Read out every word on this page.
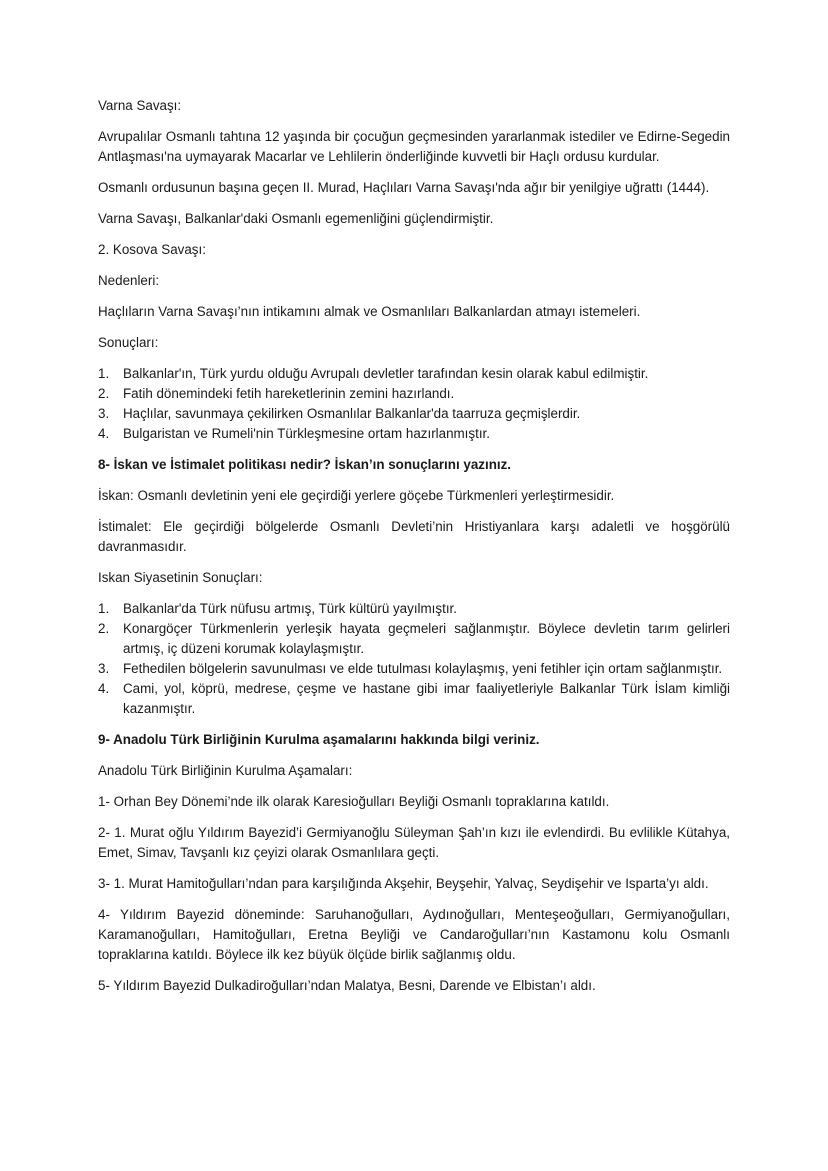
Varna Savaşı:

Avrupalılar Osmanlı tahtına 12 yaşında bir çocuğun geçmesinden yararlanmak istediler ve Edirne-Segedin Antlaşması'na uymayarak Macarlar ve Lehlilerin önderliğinde kuvvetli bir Haçlı ordusu kurdular.

Osmanlı ordusunun başına geçen II. Murad, Haçlıları Varna Savaşı'nda ağır bir yenilgiye uğrattı (1444).

Varna Savaşı, Balkanlar'daki Osmanlı egemenliğini güçlendirmiştir.

2. Kosova Savaşı:

Nedenleri:

Haçlıların Varna Savaşı’nın intikamını almak ve Osmanlıları Balkanlardan atmayı istemeleri.

Sonuçları:

1.	Balkanlar'ın, Türk yurdu olduğu Avrupalı devletler tarafından kesin olarak kabul edilmiştir.
2.	Fatih dönemindeki fetih hareketlerinin zemini hazırlandı.
3.	Haçlılar, savunmaya çekilirken Osmanlılar Balkanlar'da taarruza geçmişlerdir.
4.	Bulgaristan ve Rumeli'nin Türkleşmesine ortam hazırlanmıştır.

8- İskan ve İstimalet politikası nedir? İskan’ın sonuçlarını yazınız.

İskan: Osmanlı devletinin yeni ele geçirdiği yerlere göçebe Türkmenleri yerleştirmesidir.

İstimalet: Ele geçirdiği bölgelerde Osmanlı Devleti’nin Hristiyanlara karşı adaletli ve hoşgörülü davranmasıdır.

Iskan Siyasetinin Sonuçları:

1.	Balkanlar'da Türk nüfusu artmış, Türk kültürü yayılmıştır.
2.	Konargöçer Türkmenlerin yerleşik hayata geçmeleri sağlanmıştır. Böylece devletin tarım gelirleri artmış, iç düzeni korumak kolaylaşmıştır.
3.	Fethedilen bölgelerin savunulması ve elde tutulması kolaylaşmış, yeni fetihler için ortam sağlanmıştır.
4.	Cami, yol, köprü, medrese, çeşme ve hastane gibi imar faaliyetleriyle Balkanlar Türk İslam kimliği kazanmıştır.

9- Anadolu Türk Birliğinin Kurulma aşamalarını hakkında bilgi veriniz.

Anadolu Türk Birliğinin Kurulma Aşamaları:

1- Orhan Bey Dönemi’nde ilk olarak Karesioğulları Beyliği Osmanlı topraklarına katıldı.

2- 1. Murat oğlu Yıldırım Bayezid’i Germiyanoğlu Süleyman Şah’ın kızı ile evlendirdi. Bu evlilikle Kütahya, Emet, Simav, Tavşanlı kız çeyizi olarak Osmanlılara geçti.

3- 1. Murat Hamitoğulları’ndan para karşılığında Akşehir, Beyşehir, Yalvaç, Seydişehir ve Isparta’yı aldı.

4- Yıldırım Bayezid döneminde: Saruhanoğulları, Aydınoğulları, Menteşeoğulları, Germiyanoğulları, Karamanoğulları, Hamitoğulları, Eretna Beyliği ve Candaroğulları’nın Kastamonu kolu Osmanlı topraklarına katıldı. Böylece ilk kez büyük ölçüde birlik sağlanmış oldu.

5- Yıldırım Bayezid Dulkadiroğulları’ndan Malatya, Besni, Darende ve Elbistan’ı aldı.
